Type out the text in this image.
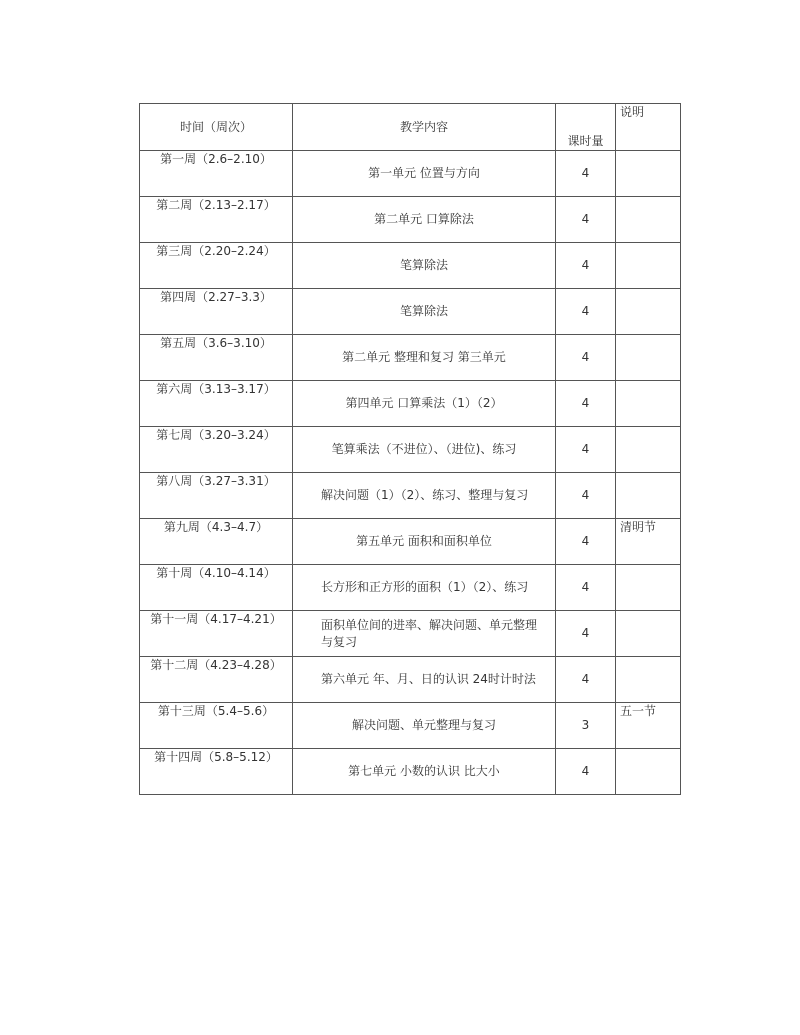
时间（周次）	教学内容	课时量	说明
第一周（2.6–2.10）	第一单元 位置与方向	4	
第二周（2.13–2.17）	第二单元 口算除法	4	
第三周（2.20–2.24）	笔算除法	4	
第四周（2.27–3.3）	笔算除法	4	
第五周（3.6–3.10）	第二单元 整理和复习 第三单元	4	
第六周（3.13–3.17）	第四单元 口算乘法（1）（2）	4	
第七周（3.20–3.24）	笔算乘法（不进位）、（进位)、练习	4	
第八周（3.27–3.31）	解决问题（1）（2）、练习、整理与复习	4	
第九周（4.3–4.7）	第五单元 面积和面积单位	4	清明节
第十周（4.10–4.14）	长方形和正方形的面积（1）（2）、练习	4	
第十一周（4.17–4.21）	面积单位间的进率、解决问题、单元整理与复习	4	
第十二周（4.23–4.28）	第六单元 年、月、日的认识 24时计时法	4	
第十三周（5.4–5.6）	解决问题、单元整理与复习	3	五一节
第十四周（5.8–5.12）	第七单元 小数的认识 比大小	4	
